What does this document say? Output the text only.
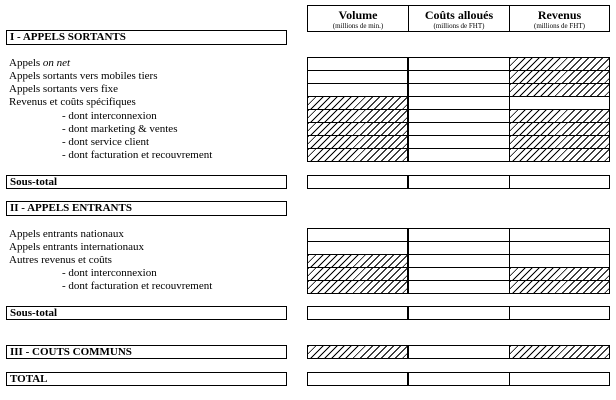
Volume
(millions de min.)
Coûts alloués
(millions de FHT)
Revenus
(millions de FHT)
I - APPELS SORTANTS
Appels on net
Appels sortants vers mobiles tiers
Appels sortants vers fixe
Revenus et coûts spécifiques
- dont interconnexion
- dont marketing & ventes
- dont service client
- dont facturation et recouvrement
Sous-total
II - APPELS ENTRANTS
Appels entrants nationaux
Appels entrants internationaux
Autres revenus et coûts
- dont interconnexion
- dont facturation et recouvrement
Sous-total
III - COUTS COMMUNS
TOTAL
